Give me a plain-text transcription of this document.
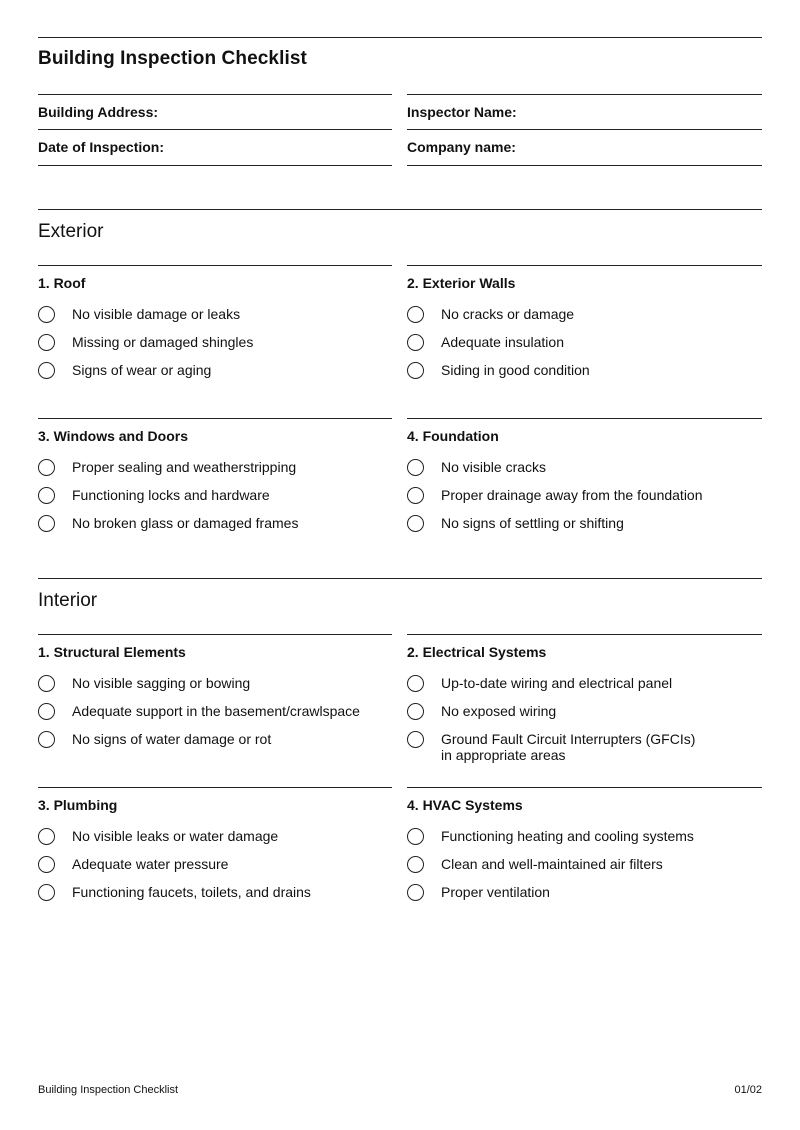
Building Inspection Checklist
Building Address:
Date of Inspection:
Inspector Name:
Company name:
Exterior
1. Roof
No visible damage or leaks
Missing or damaged shingles
Signs of wear or aging
2. Exterior Walls
No cracks or damage
Adequate insulation
Siding in good condition
3. Windows and Doors
Proper sealing and weatherstripping
Functioning locks and hardware
No broken glass or damaged frames
4. Foundation
No visible cracks
Proper drainage away from the foundation
No signs of settling or shifting
Interior
1. Structural Elements
No visible sagging or bowing
Adequate support in the basement/crawlspace
No signs of water damage or rot
2. Electrical Systems
Up-to-date wiring and electrical panel
No exposed wiring
Ground Fault Circuit Interrupters (GFCIs) in appropriate areas
3. Plumbing
No visible leaks or water damage
Adequate water pressure
Functioning faucets, toilets, and drains
4. HVAC Systems
Functioning heating and cooling systems
Clean and well-maintained air filters
Proper ventilation
Building Inspection Checklist	01/02
